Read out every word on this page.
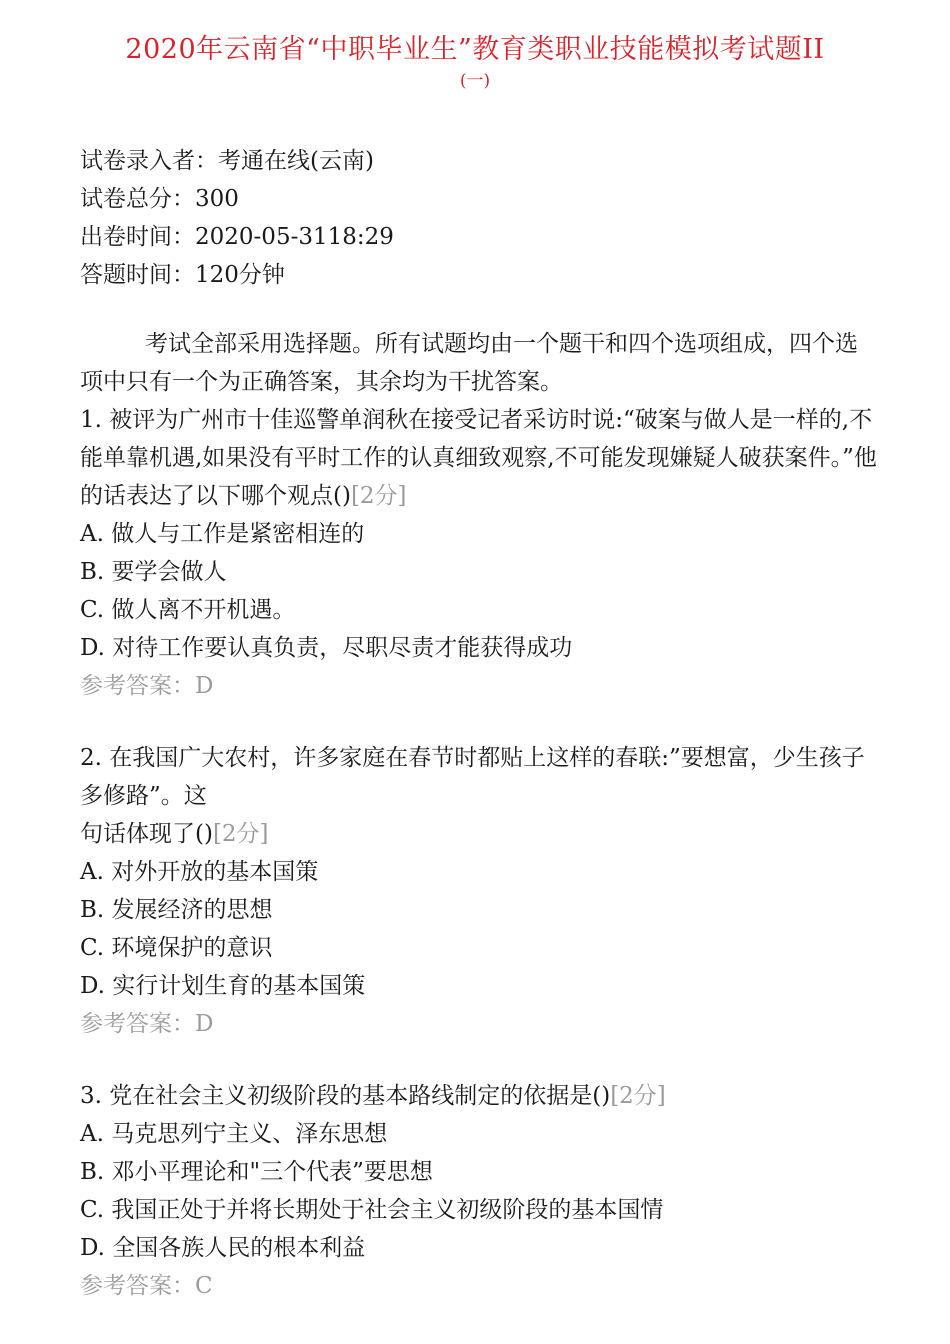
2020年云南省“中职毕业生”教育类职业技能模拟考试题II
(一)
试卷录入者：考通在线(云南)
试卷总分：300
出卷时间：2020-05-3118:29
答题时间：120分钟
考试全部采用选择题。所有试题均由一个题干和四个选项组成，四个选项中只有一个为正确答案，其余均为干扰答案。
1. 被评为广州市十佳巡警单润秋在接受记者采访时说:“破案与做人是一样的,不能单靠机遇,如果没有平时工作的认真细致观察,不可能发现嫌疑人破获案件。”他的话表达了以下哪个观点()[2分]
A. 做人与工作是紧密相连的
B. 要学会做人
C. 做人离不开机遇。
D. 对待工作要认真负责，尽职尽责才能获得成功
参考答案：D
2. 在我国广大农村，许多家庭在春节时都贴上这样的春联:”要想富，少生孩子多修路”。这
句话体现了()[2分]
A. 对外开放的基本国策
B. 发展经济的思想
C. 环境保护的意识
D. 实行计划生育的基本国策
参考答案：D
3. 党在社会主义初级阶段的基本路线制定的依据是()[2分]
A. 马克思列宁主义、泽东思想
B. 邓小平理论和"三个代表”要思想
C. 我国正处于并将长期处于社会主义初级阶段的基本国情
D. 全国各族人民的根本利益
参考答案：C
